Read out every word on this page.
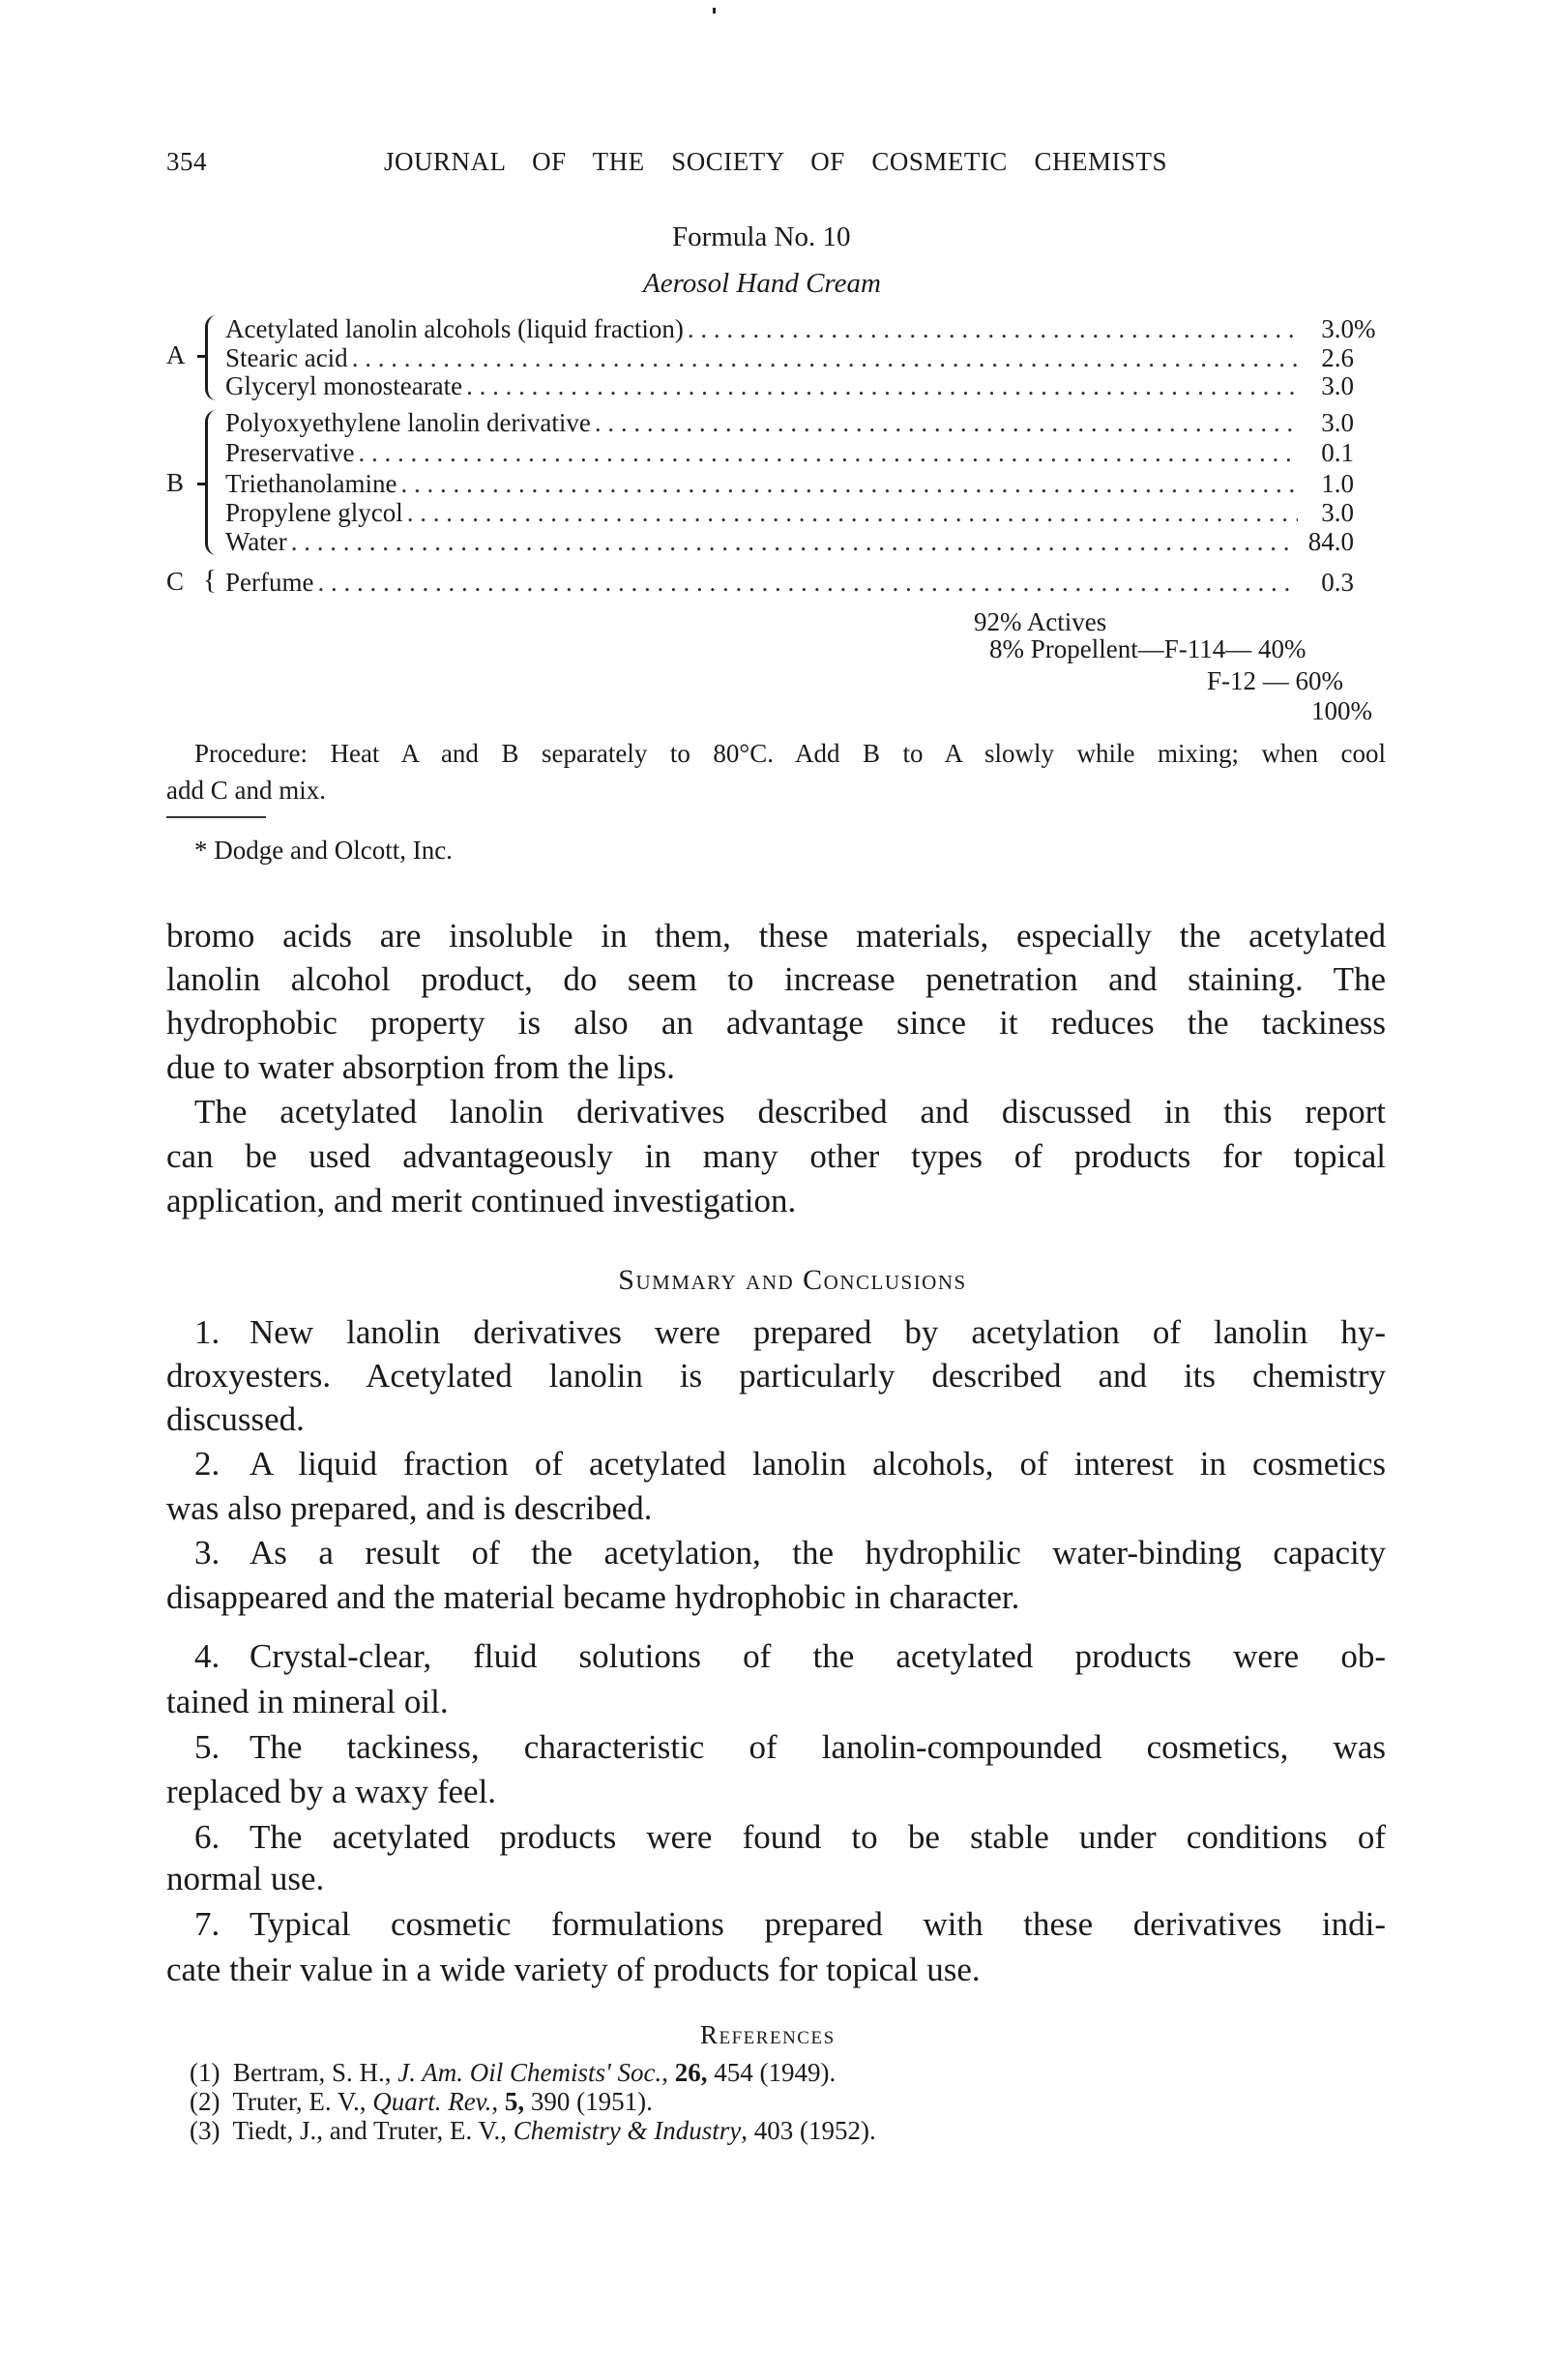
354	JOURNAL OF THE SOCIETY OF COSMETIC CHEMISTS
Formula No. 10
Aerosol Hand Cream
A
Acetylated lanolin alcohols (liquid fraction) . . .	3.0 %
Stearic acid . . .	2.6
Glyceryl monostearate . . .	3.0
B
Polyoxyethylene lanolin derivative . . .	3.0
Preservative . . .	0.1
Triethanolamine . . .	1.0
Propylene glycol . . .	3.0
Water . . .	84.0
C { Perfume . . .	0.3
92% Actives
8% Propellent—F-114— 40%
F-12 — 60%
100%
Procedure: Heat A and B separately to 80°C. Add B to A slowly while mixing; when cool
add C and mix.
* Dodge and Olcott, Inc.
bromo acids are insoluble in them, these materials, especially the acetylated
lanolin alcohol product, do seem to increase penetration and staining. The
hydrophobic property is also an advantage since it reduces the tackiness
due to water absorption from the lips.
The acetylated lanolin derivatives described and discussed in this report
can be used advantageously in many other types of products for topical
application, and merit continued investigation.
Summary and Conclusions
1. New lanolin derivatives were prepared by acetylation of lanolin hy-
droxyesters. Acetylated lanolin is particularly described and its chemistry
discussed.
2. A liquid fraction of acetylated lanolin alcohols, of interest in cosmetics
was also prepared, and is described.
3. As a result of the acetylation, the hydrophilic water-binding capacity
disappeared and the material became hydrophobic in character.
4. Crystal-clear, fluid solutions of the acetylated products were ob-
tained in mineral oil.
5. The tackiness, characteristic of lanolin-compounded cosmetics, was
replaced by a waxy feel.
6. The acetylated products were found to be stable under conditions of
normal use.
7. Typical cosmetic formulations prepared with these derivatives indi-
cate their value in a wide variety of products for topical use.
References
(1) Bertram, S. H., J. Am. Oil Chemists' Soc., 26, 454 (1949).
(2) Truter, E. V., Quart. Rev., 5, 390 (1951).
(3) Tiedt, J., and Truter, E. V., Chemistry & Industry, 403 (1952).
